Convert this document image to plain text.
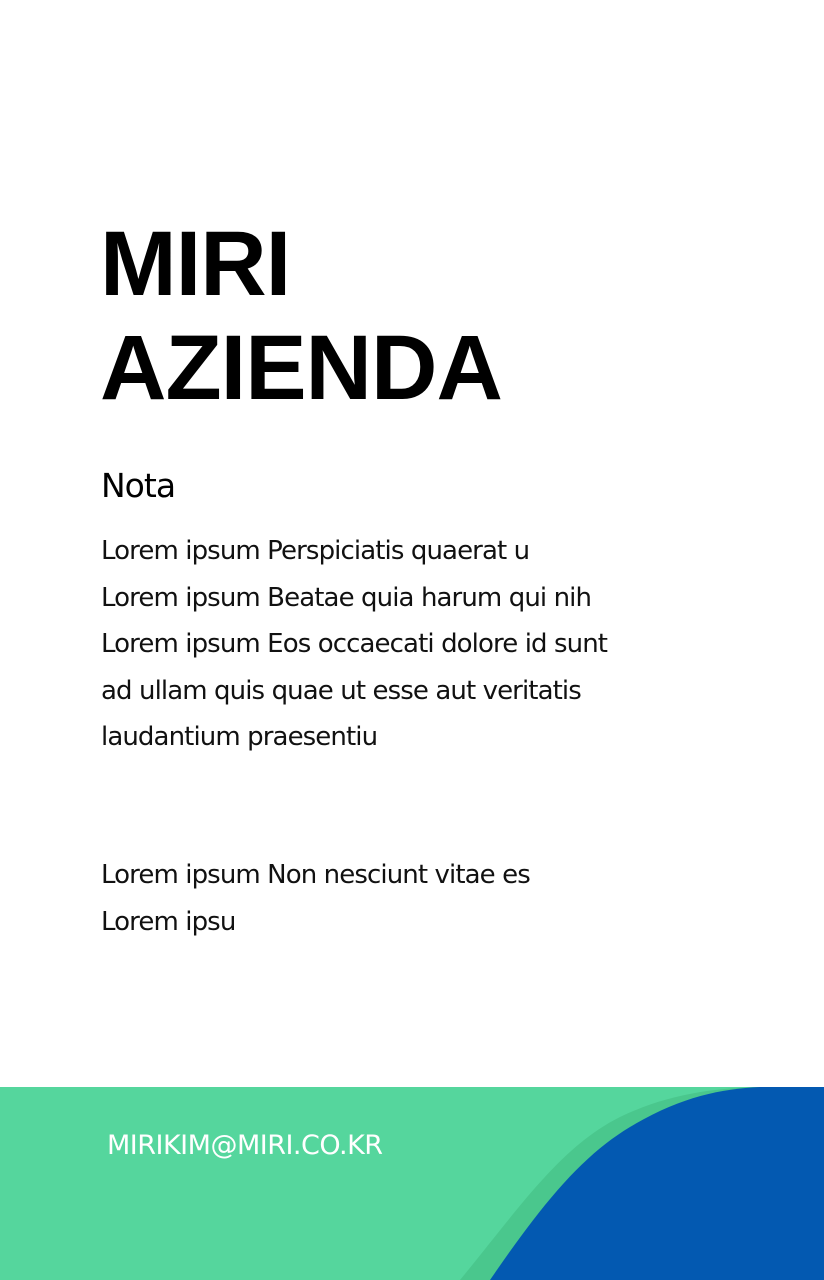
MIRI
AZIENDA
Nota

Lorem ipsum Perspiciatis quaerat u
Lorem ipsum Beatae quia harum qui nih
Lorem ipsum Eos occaecati dolore id sunt
ad ullam quis quae ut esse aut veritatis
laudantium praesentiu

Lorem ipsum Non nesciunt vitae es
Lorem ipsu

MIRIKIM@MIRI.CO.KR
